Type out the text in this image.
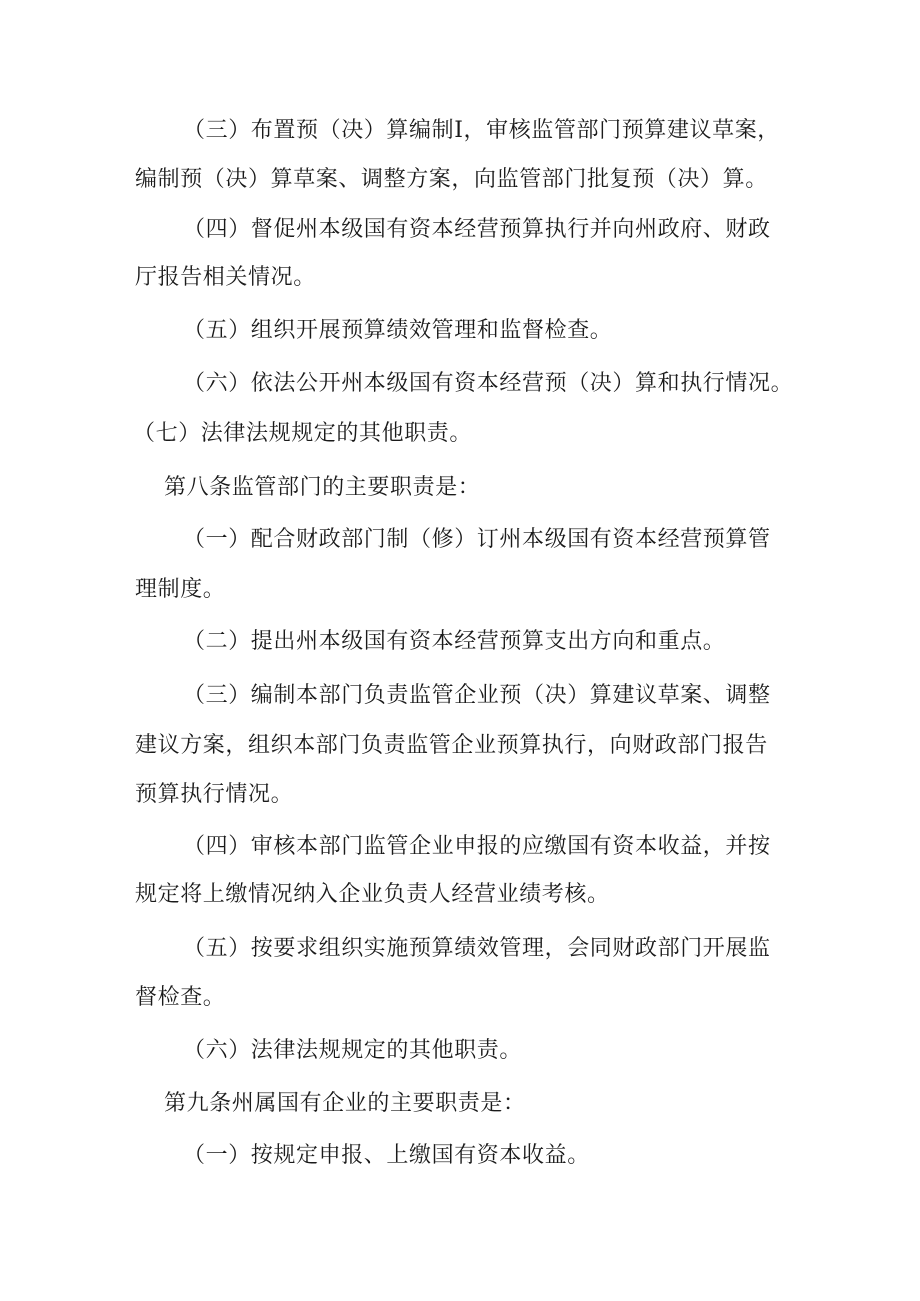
（三）布置预（决）算编制Ⅰ，审核监管部门预算建议草案，
编制预（决）算草案、调整方案，向监管部门批复预（决）算。
（四）督促州本级国有资本经营预算执行并向州政府、财政
厅报告相关情况。
（五）组织开展预算绩效管理和监督检查。
（六）依法公开州本级国有资本经营预（决）算和执行情况。
（七）法律法规规定的其他职责。
第八条监管部门的主要职责是：
（一）配合财政部门制（修）订州本级国有资本经营预算管
理制度。
（二）提出州本级国有资本经营预算支出方向和重点。
（三）编制本部门负责监管企业预（决）算建议草案、调整
建议方案，组织本部门负责监管企业预算执行，向财政部门报告
预算执行情况。
（四）审核本部门监管企业申报的应缴国有资本收益，并按
规定将上缴情况纳入企业负责人经营业绩考核。
（五）按要求组织实施预算绩效管理，会同财政部门开展监
督检查。
（六）法律法规规定的其他职责。
第九条州属国有企业的主要职责是：
（一）按规定申报、上缴国有资本收益。
